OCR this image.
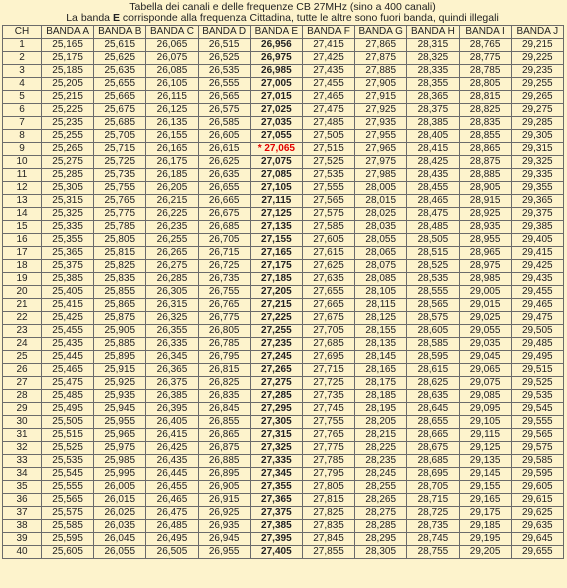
Tabella dei canali e delle frequenze CB 27MHz (sino a 400 canali)
La banda E corrisponde alla frequenza Cittadina, tutte le altre sono fuori banda, quindi illegali
CH	BANDA A	BANDA B	BANDA C	BANDA D	BANDA E	BANDA F	BANDA G	BANDA H	BANDA I	BANDA J
1	25,165	25,615	26,065	26,515	26,956	27,415	27,865	28,315	28,765	29,215
2	25,175	25,625	26,075	26,525	26,975	27,425	27,875	28,325	28,775	29,225
3	25,185	25,635	26,085	26,535	26,985	27,435	27,885	28,335	28,785	29,235
4	25,205	25,655	26,105	26,555	27,005	27,455	27,905	28,355	28,805	29,255
5	25,215	25,665	26,115	26,565	27,015	27,465	27,915	28,365	28,815	29,265
6	25,225	25,675	26,125	26,575	27,025	27,475	27,925	28,375	28,825	29,275
7	25,235	25,685	26,135	26,585	27,035	27,485	27,935	28,385	28,835	29,285
8	25,255	25,705	26,155	26,605	27,055	27,505	27,955	28,405	28,855	29,305
9	25,265	25,715	26,165	26,615	* 27,065	27,515	27,965	28,415	28,865	29,315
10	25,275	25,725	26,175	26,625	27,075	27,525	27,975	28,425	28,875	29,325
11	25,285	25,735	26,185	26,635	27,085	27,535	27,985	28,435	28,885	29,335
12	25,305	25,755	26,205	26,655	27,105	27,555	28,005	28,455	28,905	29,355
13	25,315	25,765	26,215	26,665	27,115	27,565	28,015	28,465	28,915	29,365
14	25,325	25,775	26,225	26,675	27,125	27,575	28,025	28,475	28,925	29,375
15	25,335	25,785	26,235	26,685	27,135	27,585	28,035	28,485	28,935	29,385
16	25,355	25,805	26,255	26,705	27,155	27,605	28,055	28,505	28,955	29,405
17	25,365	25,815	26,265	26,715	27,165	27,615	28,065	28,515	28,965	29,415
18	25,375	25,825	26,275	26,725	27,175	27,625	28,075	28,525	28,975	29,425
19	25,385	25,835	26,285	26,735	27,185	27,635	28,085	28,535	28,985	29,435
20	25,405	25,855	26,305	26,755	27,205	27,655	28,105	28,555	29,005	29,455
21	25,415	25,865	26,315	26,765	27,215	27,665	28,115	28,565	29,015	29,465
22	25,425	25,875	26,325	26,775	27,225	27,675	28,125	28,575	29,025	29,475
23	25,455	25,905	26,355	26,805	27,255	27,705	28,155	28,605	29,055	29,505
24	25,435	25,885	26,335	26,785	27,235	27,685	28,135	28,585	29,035	29,485
25	25,445	25,895	26,345	26,795	27,245	27,695	28,145	28,595	29,045	29,495
26	25,465	25,915	26,365	26,815	27,265	27,715	28,165	28,615	29,065	29,515
27	25,475	25,925	26,375	26,825	27,275	27,725	28,175	28,625	29,075	29,525
28	25,485	25,935	26,385	26,835	27,285	27,735	28,185	28,635	29,085	29,535
29	25,495	25,945	26,395	26,845	27,295	27,745	28,195	28,645	29,095	29,545
30	25,505	25,955	26,405	26,855	27,305	27,755	28,205	28,655	29,105	29,555
31	25,515	25,965	26,415	26,865	27,315	27,765	28,215	28,665	29,115	29,565
32	25,525	25,975	26,425	26,875	27,325	27,775	28,225	28,675	29,125	29,575
33	25,535	25,985	26,435	26,885	27,335	27,785	28,235	28,685	29,135	29,585
34	25,545	25,995	26,445	26,895	27,345	27,795	28,245	28,695	29,145	29,595
35	25,555	26,005	26,455	26,905	27,355	27,805	28,255	28,705	29,155	29,605
36	25,565	26,015	26,465	26,915	27,365	27,815	28,265	28,715	29,165	29,615
37	25,575	26,025	26,475	26,925	27,375	27,825	28,275	28,725	29,175	29,625
38	25,585	26,035	26,485	26,935	27,385	27,835	28,285	28,735	29,185	29,635
39	25,595	26,045	26,495	26,945	27,395	27,845	28,295	28,745	29,195	29,645
40	25,605	26,055	26,505	26,955	27,405	27,855	28,305	28,755	29,205	29,655
